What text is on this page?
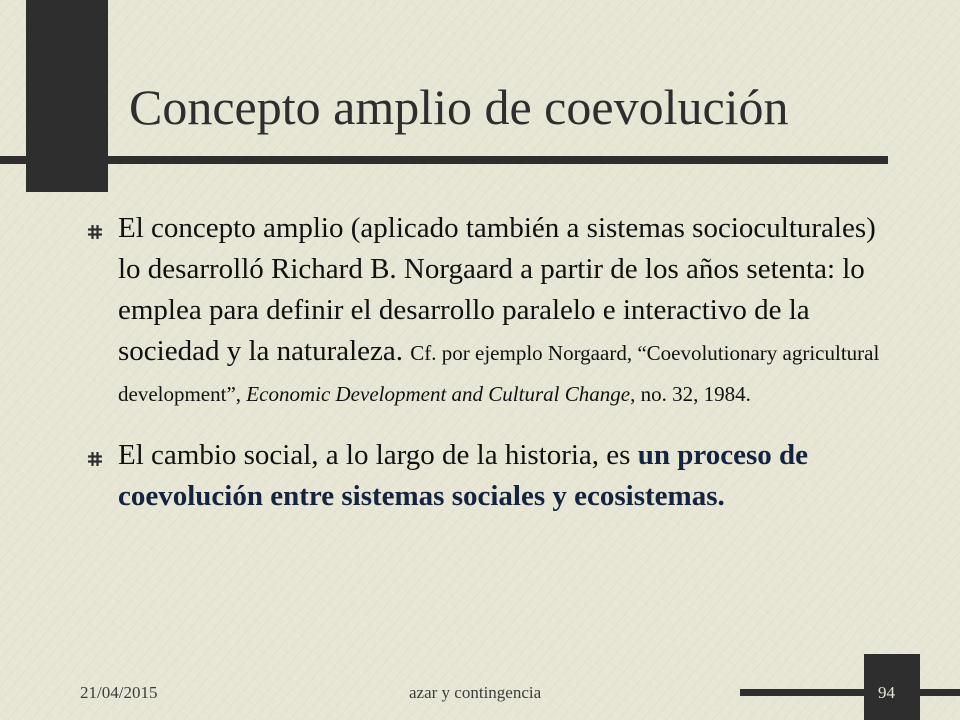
Concepto amplio de coevolución
El concepto amplio (aplicado también a sistemas socioculturales) lo desarrolló Richard B. Norgaard a partir de los años setenta: lo emplea para definir el desarrollo paralelo e interactivo de la sociedad y la naturaleza. Cf. por ejemplo Norgaard, “Coevolutionary agricultural development”, Economic Development and Cultural Change, no. 32, 1984.
El cambio social, a lo largo de la historia, es un proceso de coevolución entre sistemas sociales y ecosistemas.
21/04/2015	azar y contingencia	94
